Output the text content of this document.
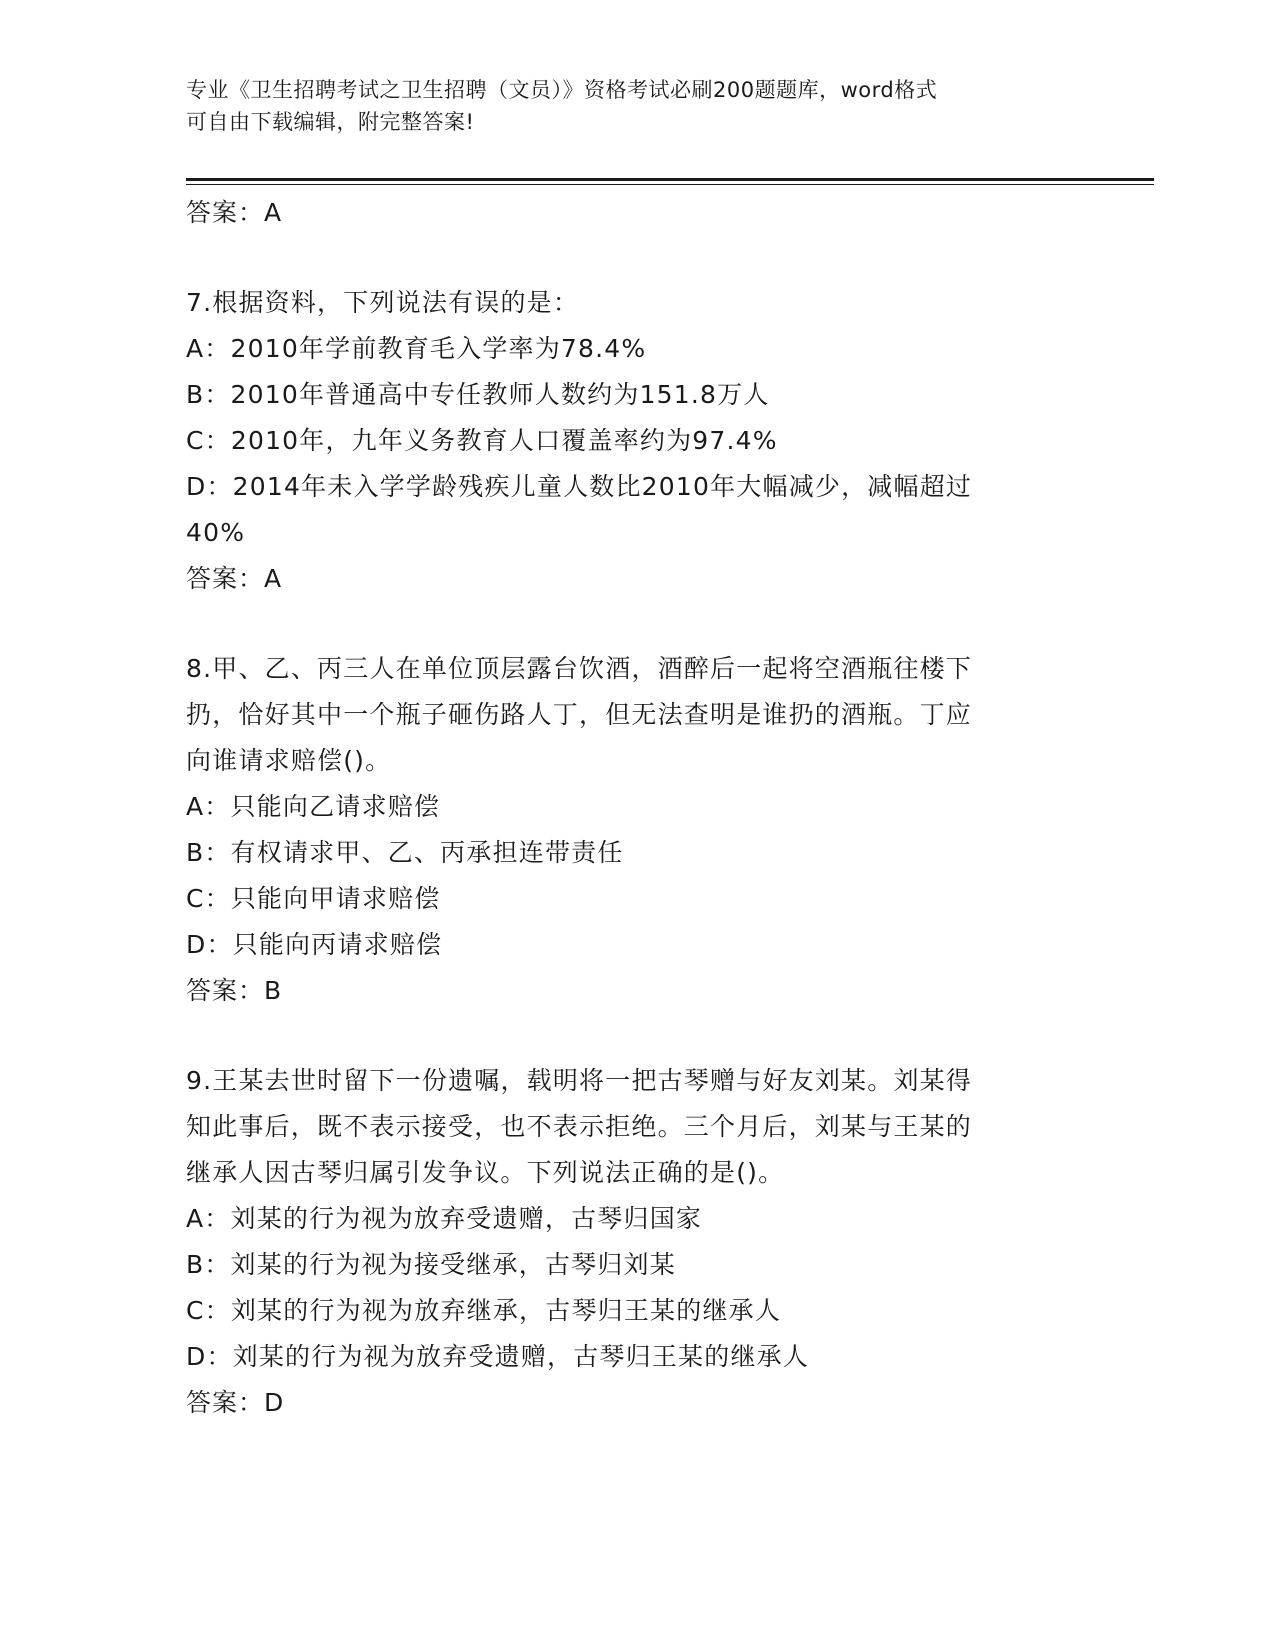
专业《卫生招聘考试之卫生招聘（文员）》资格考试必刷200题题库，word格式
可自由下载编辑，附完整答案!
答案：A
7.根据资料，下列说法有误的是：
A：2010年学前教育毛入学率为78.4%
B：2010年普通高中专任教师人数约为151.8万人
C：2010年，九年义务教育人口覆盖率约为97.4%
D：2014年未入学学龄残疾儿童人数比2010年大幅减少，减幅超过
40%
答案：A
8.甲、乙、丙三人在单位顶层露台饮酒，酒醉后一起将空酒瓶往楼下
扔，恰好其中一个瓶子砸伤路人丁，但无法查明是谁扔的酒瓶。丁应
向谁请求赔偿()。
A：只能向乙请求赔偿
B：有权请求甲、乙、丙承担连带责任
C：只能向甲请求赔偿
D：只能向丙请求赔偿
答案：B
9.王某去世时留下一份遗嘱，载明将一把古琴赠与好友刘某。刘某得
知此事后，既不表示接受，也不表示拒绝。三个月后，刘某与王某的
继承人因古琴归属引发争议。下列说法正确的是()。
A：刘某的行为视为放弃受遗赠，古琴归国家
B：刘某的行为视为接受继承，古琴归刘某
C：刘某的行为视为放弃继承，古琴归王某的继承人
D：刘某的行为视为放弃受遗赠，古琴归王某的继承人
答案：D
